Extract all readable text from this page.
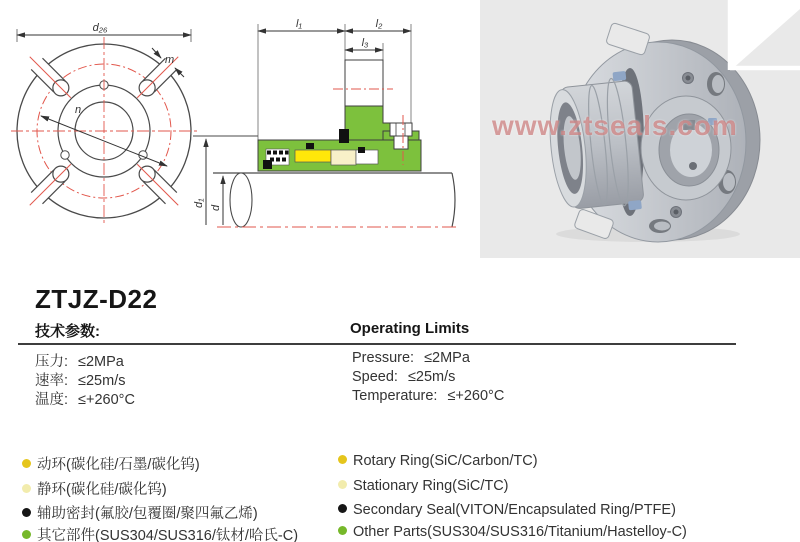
n
d₂₆
m
l₁	l₂
l₃
d₁ d
www.ztseals.com
ZTJZ-D22
技术参数:	Operating Limits
压力: ≤2MPa
速率: ≤25m/s
温度: ≤+260°C
Pressure: ≤2MPa
Speed: ≤25m/s
Temperature: ≤+260°C
动环(碳化硅/石墨/碳化钨)
静环(碳化硅/碳化钨)
辅助密封(氟胶/包覆圈/聚四氟乙烯)
其它部件(SUS304/SUS316/钛材/哈氏-C)
Rotary Ring(SiC/Carbon/TC)
Stationary Ring(SiC/TC)
Secondary Seal(VITON/Encapsulated Ring/PTFE)
Other Parts(SUS304/SUS316/Titanium/Hastelloy-C)
